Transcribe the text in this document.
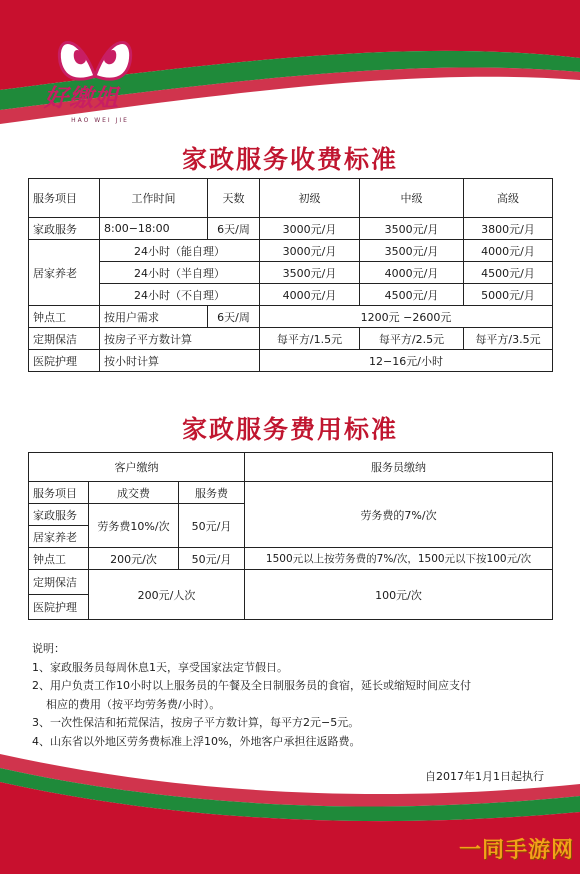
好缴姐
HAO WEI JIE
家政服务收费标准
服务项目	工作时间	天数	初级	中级	高级
家政服务	8:00−18:00	6天/周	3000元/月	3500元/月	3800元/月
居家养老	24小时（能自理）		3000元/月	3500元/月	4000元/月
	24小时（半自理）		3500元/月	4000元/月	4500元/月
	24小时（不自理）		4000元/月	4500元/月	5000元/月
钟点工	按用户需求	6天/周	1200元 −2600元		
定期保洁	按房子平方数计算		每平方/1.5元	每平方/2.5元	每平方/3.5元
医院护理	按小时计算		12−16元/小时		
家政服务费用标准
客户缴纳			服务员缴纳
服务项目	成交费	服务费	劳务费的7%/次
家政服务	劳务费10%/次	50元/月	
居家养老			
钟点工	200元/次	50元/月	1500元以上按劳务费的7%/次，1500元以下按100元/次
定期保洁	200元/人次		100元/次
医院护理			
说明：
1、家政服务员每周休息1天，享受国家法定节假日。
2、用户负责工作10小时以上服务员的午餐及全日制服务员的食宿，延长或缩短时间应支付
相应的费用（按平均劳务费/小时）。
3、一次性保洁和拓荒保洁，按房子平方数计算，每平方2元−5元。
4、山东省以外地区劳务费标准上浮10%，外地客户承担往返路费。
自2017年1月1日起执行
一同手游网
